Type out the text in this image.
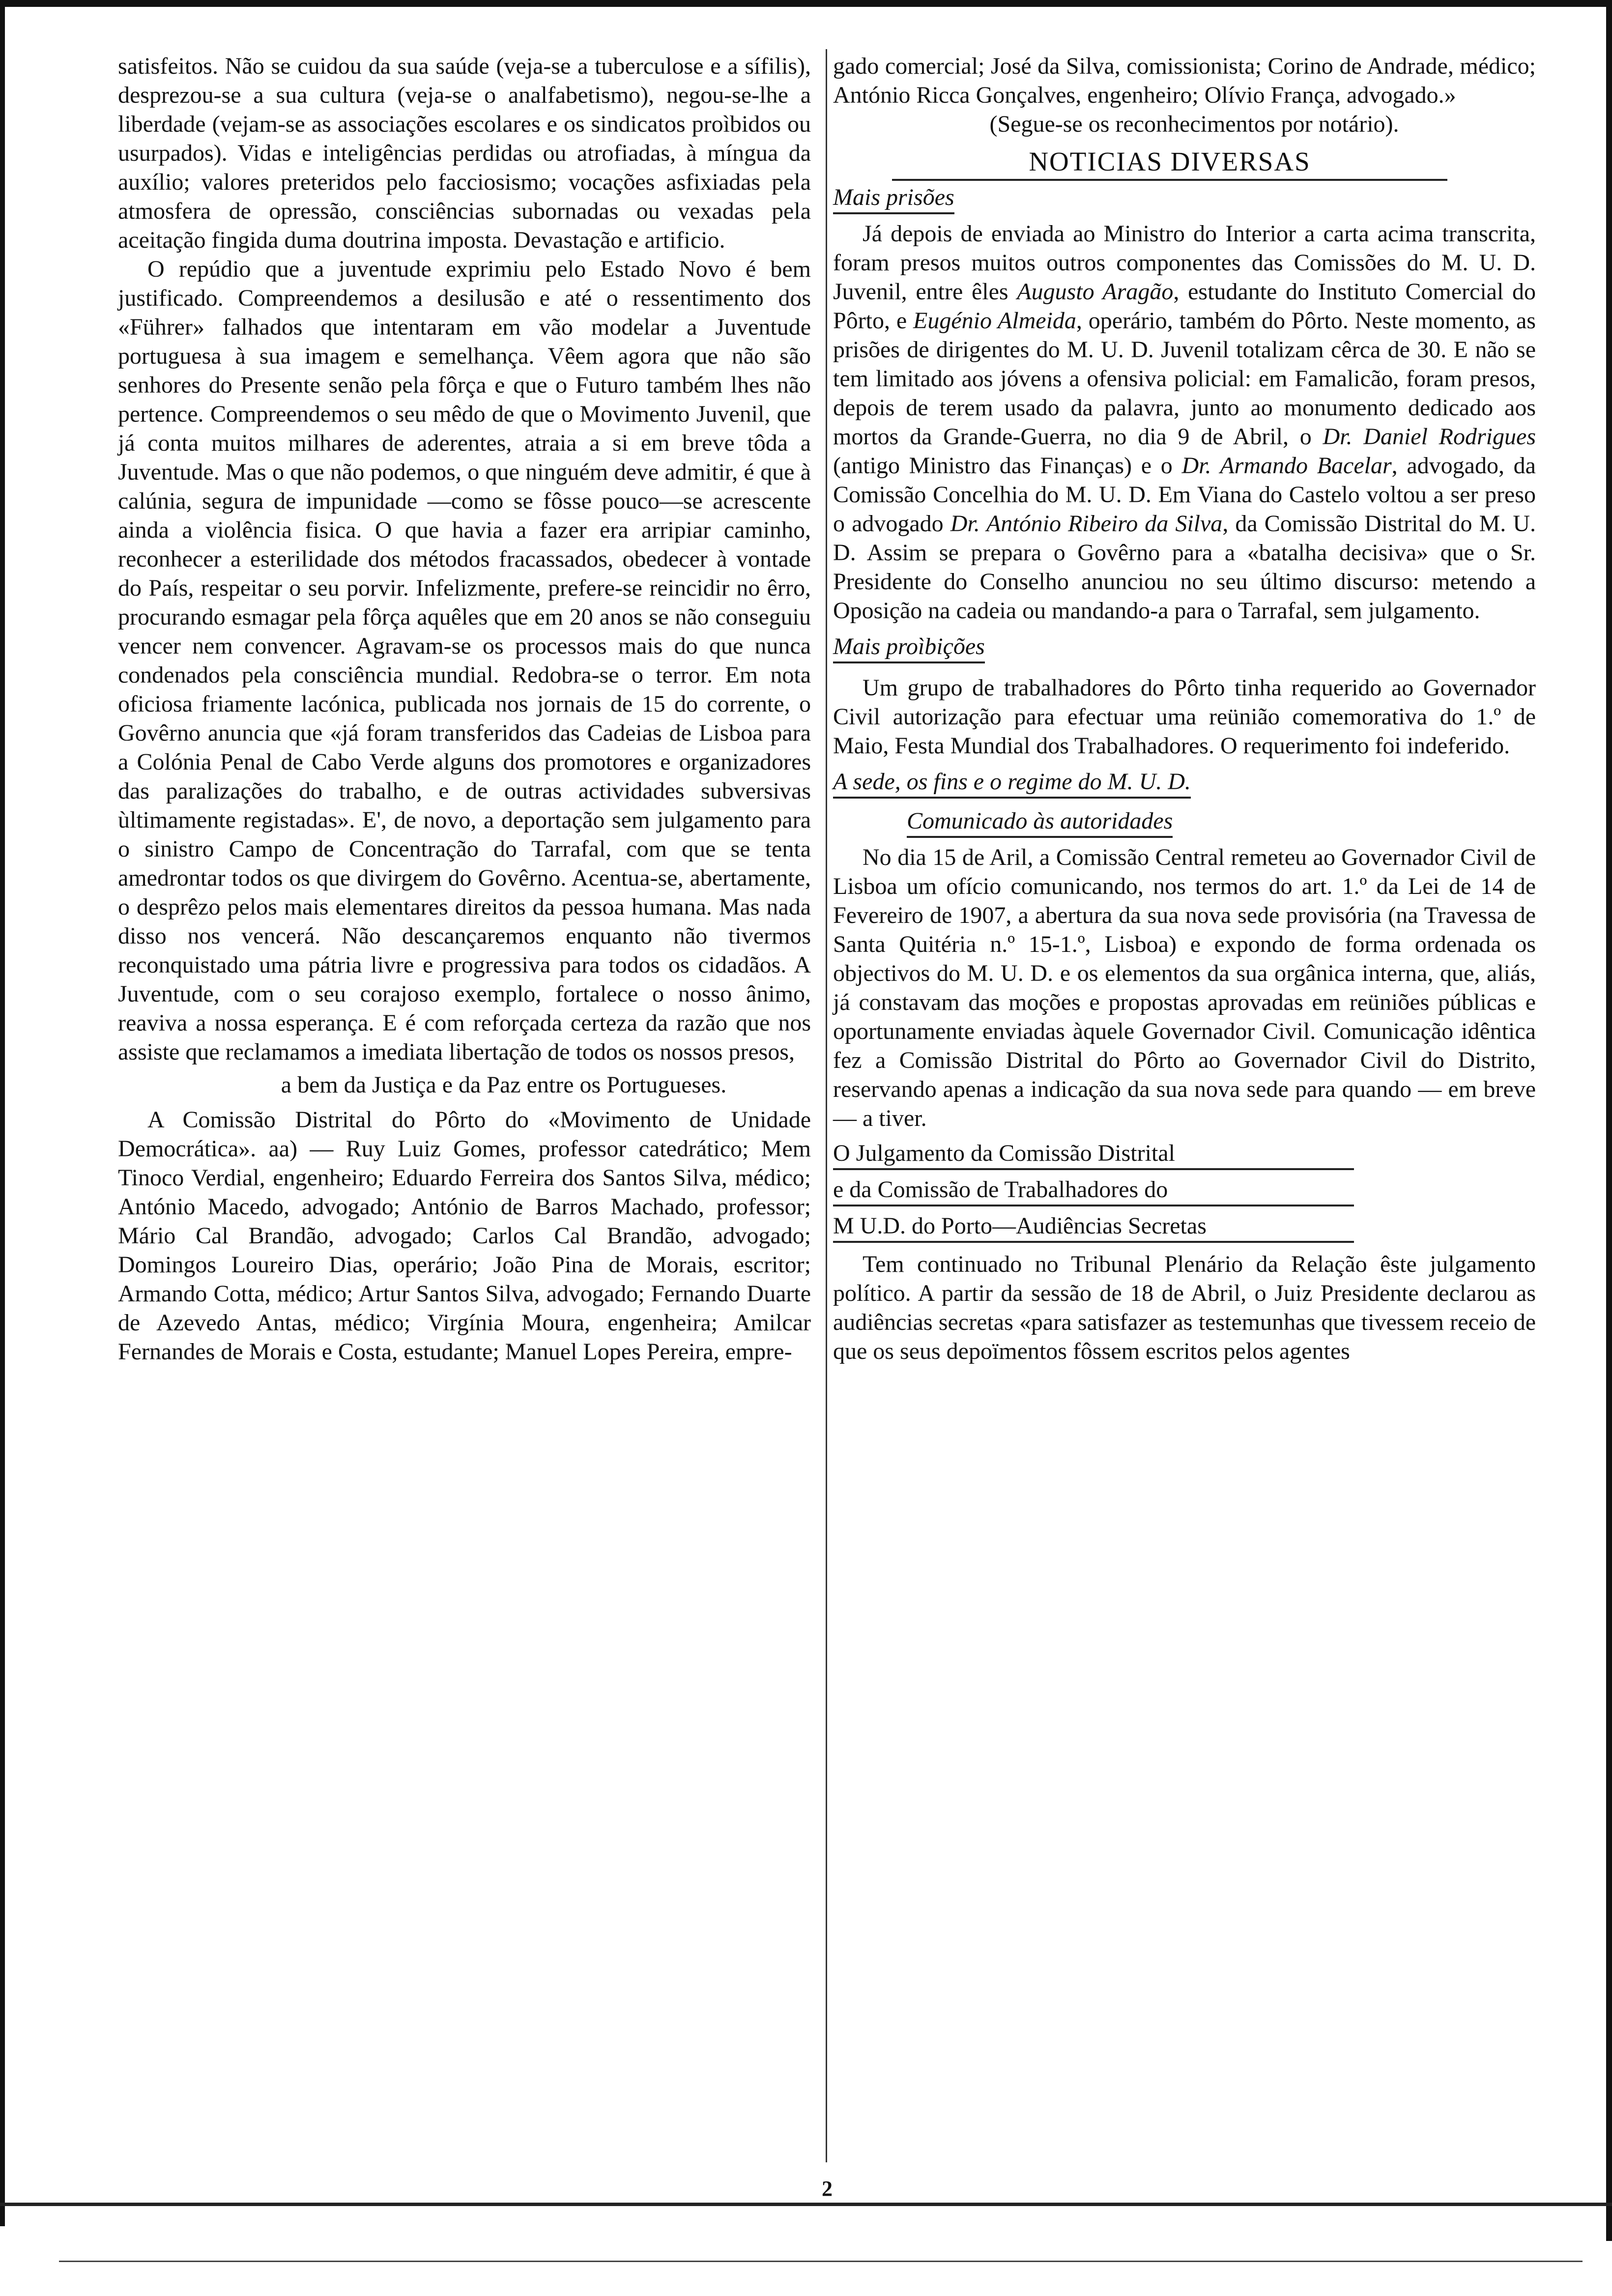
satisfeitos. Não se cuidou da sua saúde (veja-se a tuberculose e a sífilis), desprezou-se a sua cultura (veja-se o analfabetismo), negou-se-lhe a liberdade (vejam-se as associações escolares e os sindicatos proìbidos ou usurpados). Vidas e inteligências perdidas ou atrofiadas, à míngua da auxílio; valores preteridos pelo facciosismo; vocações asfixiadas pela atmosfera de opressão, consciências subornadas ou vexadas pela aceitação fingida duma doutrina imposta. Devastação e artificio.

O repúdio que a juventude exprimiu pelo Estado Novo é bem justificado. Compreendemos a desilusão e até o ressentimento dos «Führer» falhados que intentaram em vão modelar a Juventude portuguesa à sua imagem e semelhança. Vêem agora que não são senhores do Presente senão pela fôrça e que o Futuro também lhes não pertence. Compreendemos o seu mêdo de que o Movimento Juvenil, que já conta muitos milhares de aderentes, atraia a si em breve tôda a Juventude. Mas o que não podemos, o que ninguém deve admitir, é que à calúnia, segura de impunidade —como se fôsse pouco—se acrescente ainda a violência fisica. O que havia a fazer era arripiar caminho, reconhecer a esterilidade dos métodos fracassados, obedecer à vontade do País, respeitar o seu porvir. Infelizmente, prefere-se reincidir no êrro, procurando esmagar pela fôrça aquêles que em 20 anos se não conseguiu vencer nem convencer. Agravam-se os processos mais do que nunca condenados pela consciência mundial. Redobra-se o terror. Em nota oficiosa friamente lacónica, publicada nos jornais de 15 do corrente, o Govêrno anuncia que «já foram transferidos das Cadeias de Lisboa para a Colónia Penal de Cabo Verde alguns dos promotores e organizadores das paralizações do trabalho, e de outras actividades subversivas ùltimamente registadas». E', de novo, a deportação sem julgamento para o sinistro Campo de Concentração do Tarrafal, com que se tenta amedrontar todos os que divirgem do Govêrno. Acentua-se, abertamente, o desprêzo pelos mais elementares direitos da pessoa humana. Mas nada disso nos vencerá. Não descançaremos enquanto não tivermos reconquistado uma pátria livre e progressiva para todos os cidadãos. A Juventude, com o seu corajoso exemplo, fortalece o nosso ânimo, reaviva a nossa esperança. E é com reforçada certeza da razão que nos assiste que reclamamos a imediata libertação de todos os nossos presos,

a bem da Justiça e da Paz entre os Portugueses.

A Comissão Distrital do Pôrto do «Movimento de Unidade Democrática». aa) — Ruy Luiz Gomes, professor catedrático; Mem Tinoco Verdial, engenheiro; Eduardo Ferreira dos Santos Silva, médico; António Macedo, advogado; António de Barros Machado, professor; Mário Cal Brandão, advogado; Carlos Cal Brandão, advogado; Domingos Loureiro Dias, operário; João Pina de Morais, escritor; Armando Cotta, médico; Artur Santos Silva, advogado; Fernando Duarte de Azevedo Antas, médico; Virgínia Moura, engenheira; Amilcar Fernandes de Morais e Costa, estudante; Manuel Lopes Pereira, empre-

gado comercial; José da Silva, comissionista; Corino de Andrade, médico; António Ricca Gonçalves, engenheiro; Olívio França, advogado.»

(Segue-se os reconhecimentos por notário).

NOTICIAS DIVERSAS
Mais prisões

Já depois de enviada ao Ministro do Interior a carta acima transcrita, foram presos muitos outros componentes das Comissões do M. U. D. Juvenil, entre êles Augusto Aragão, estudante do Instituto Comercial do Pôrto, e Eugénio Almeida, operário, também do Pôrto. Neste momento, as prisões de dirigentes do M. U. D. Juvenil totalizam cêrca de 30. E não se tem limitado aos jóvens a ofensiva policial: em Famalicão, foram presos, depois de terem usado da palavra, junto ao monumento dedicado aos mortos da Grande-Guerra, no dia 9 de Abril, o Dr. Daniel Rodrigues (antigo Ministro das Finanças) e o Dr. Armando Bacelar, advogado, da Comissão Concelhia do M. U. D. Em Viana do Castelo voltou a ser preso o advogado Dr. António Ribeiro da Silva, da Comissão Distrital do M. U. D. Assim se prepara o Govêrno para a «batalha decisiva» que o Sr. Presidente do Conselho anunciou no seu último discurso: metendo a Oposição na cadeia ou mandando-a para o Tarrafal, sem julgamento.

Mais proìbições

Um grupo de trabalhadores do Pôrto tinha requerido ao Governador Civil autorização para efectuar uma reünião comemorativa do 1.º de Maio, Festa Mundial dos Trabalhadores. O requerimento foi indeferido.

A sede, os fins e o regime do M. U. D.
Comunicado às autoridades

No dia 15 de Aril, a Comissão Central remeteu ao Governador Civil de Lisboa um ofício comunicando, nos termos do art. 1.º da Lei de 14 de Fevereiro de 1907, a abertura da sua nova sede provisória (na Travessa de Santa Quitéria n.º 15-1.º, Lisboa) e expondo de forma ordenada os objectivos do M. U. D. e os elementos da sua orgânica interna, que, aliás, já constavam das moções e propostas aprovadas em reüniões públicas e oportunamente enviadas àquele Governador Civil. Comunicação idêntica fez a Comissão Distrital do Pôrto ao Governador Civil do Distrito, reservando apenas a indicação da sua nova sede para quando — em breve — a tiver.

O Julgamento da Comissão Distrital
e da Comissão de Trabalhadores do
M U.D. do Porto—Audiências Secretas

Tem continuado no Tribunal Plenário da Relação êste julgamento político. A partir da sessão de 18 de Abril, o Juiz Presidente declarou as audiências secretas «para satisfazer as testemunhas que tivessem receio de que os seus depoïmentos fôssem escritos pelos agentes

2
